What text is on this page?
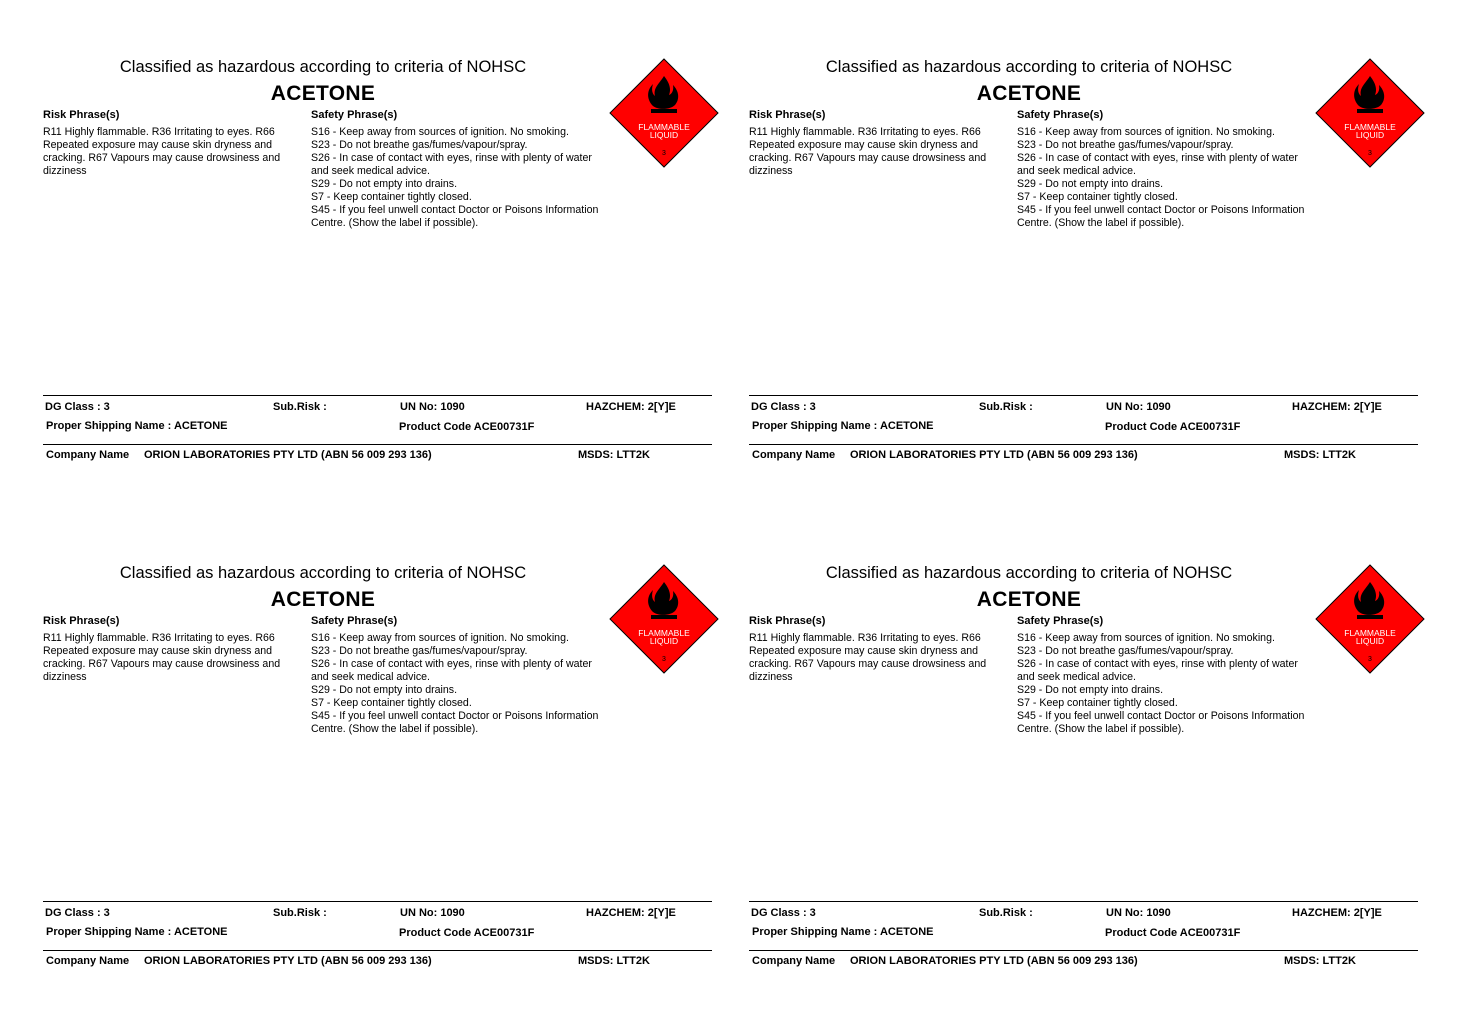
Classified as hazardous according to criteria of NOHSC
ACETONE
Risk Phrase(s)
R11 Highly flammable. R36 Irritating to eyes. R66 Repeated exposure may cause skin dryness and cracking. R67 Vapours may cause drowsiness and dizziness
Safety Phrase(s)
S16 - Keep away from sources of ignition. No smoking.
S23 - Do not breathe gas/fumes/vapour/spray.
S26 - In case of contact with eyes, rinse with plenty of water and seek medical advice.
S29 - Do not empty into drains.
S7 - Keep container tightly closed.
S45 - If you feel unwell contact Doctor or Poisons Information Centre. (Show the label if possible).
FLAMMABLE
LIQUID
3
DG Class : 3	Sub.Risk :	UN No: 1090	HAZCHEM: 2[Y]E
Proper Shipping Name : ACETONE	Product Code ACE00731F
Company Name ORION LABORATORIES PTY LTD (ABN 56 009 293 136)	MSDS: LTT2K
Classified as hazardous according to criteria of NOHSC
ACETONE
Risk Phrase(s)
R11 Highly flammable. R36 Irritating to eyes. R66 Repeated exposure may cause skin dryness and cracking. R67 Vapours may cause drowsiness and dizziness
Safety Phrase(s)
S16 - Keep away from sources of ignition. No smoking.
S23 - Do not breathe gas/fumes/vapour/spray.
S26 - In case of contact with eyes, rinse with plenty of water and seek medical advice.
S29 - Do not empty into drains.
S7 - Keep container tightly closed.
S45 - If you feel unwell contact Doctor or Poisons Information Centre. (Show the label if possible).
FLAMMABLE
LIQUID
3
DG Class : 3	Sub.Risk :	UN No: 1090	HAZCHEM: 2[Y]E
Proper Shipping Name : ACETONE	Product Code ACE00731F
Company Name ORION LABORATORIES PTY LTD (ABN 56 009 293 136)	MSDS: LTT2K
Classified as hazardous according to criteria of NOHSC
ACETONE
Risk Phrase(s)
R11 Highly flammable. R36 Irritating to eyes. R66 Repeated exposure may cause skin dryness and cracking. R67 Vapours may cause drowsiness and dizziness
Safety Phrase(s)
S16 - Keep away from sources of ignition. No smoking.
S23 - Do not breathe gas/fumes/vapour/spray.
S26 - In case of contact with eyes, rinse with plenty of water and seek medical advice.
S29 - Do not empty into drains.
S7 - Keep container tightly closed.
S45 - If you feel unwell contact Doctor or Poisons Information Centre. (Show the label if possible).
FLAMMABLE
LIQUID
3
DG Class : 3	Sub.Risk :	UN No: 1090	HAZCHEM: 2[Y]E
Proper Shipping Name : ACETONE	Product Code ACE00731F
Company Name ORION LABORATORIES PTY LTD (ABN 56 009 293 136)	MSDS: LTT2K
Classified as hazardous according to criteria of NOHSC
ACETONE
Risk Phrase(s)
R11 Highly flammable. R36 Irritating to eyes. R66 Repeated exposure may cause skin dryness and cracking. R67 Vapours may cause drowsiness and dizziness
Safety Phrase(s)
S16 - Keep away from sources of ignition. No smoking.
S23 - Do not breathe gas/fumes/vapour/spray.
S26 - In case of contact with eyes, rinse with plenty of water and seek medical advice.
S29 - Do not empty into drains.
S7 - Keep container tightly closed.
S45 - If you feel unwell contact Doctor or Poisons Information Centre. (Show the label if possible).
FLAMMABLE
LIQUID
3
DG Class : 3	Sub.Risk :	UN No: 1090	HAZCHEM: 2[Y]E
Proper Shipping Name : ACETONE	Product Code ACE00731F
Company Name ORION LABORATORIES PTY LTD (ABN 56 009 293 136)	MSDS: LTT2K
